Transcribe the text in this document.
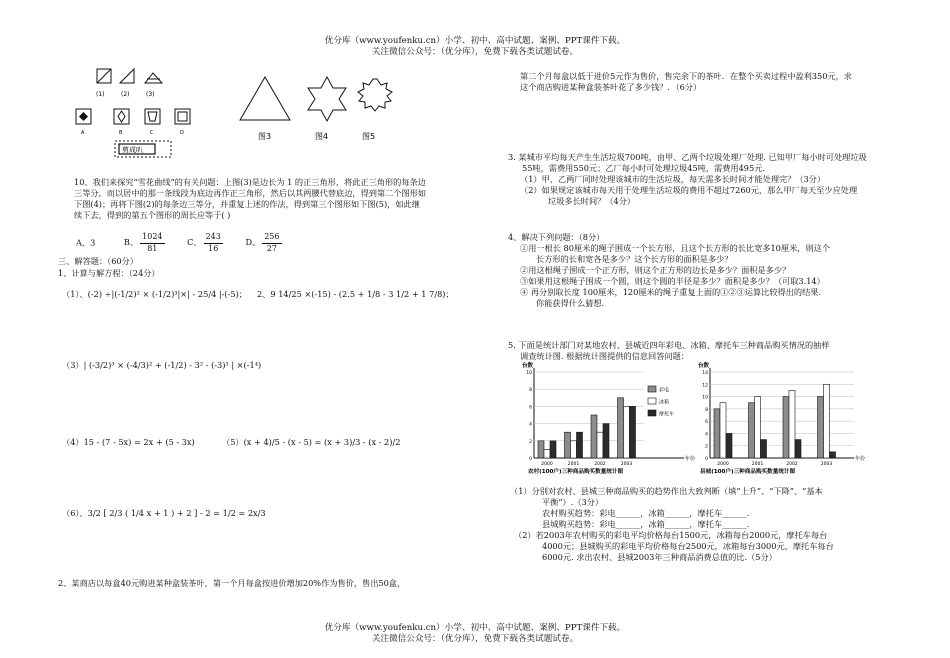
优分库（www.youfenku.cn）小学、初中、高中试题、案例、PPT课件下载。
关注微信公众号：（优分库），免费下载各类试题试卷。
(1)	(2)	(3)
A	B	C	D
剪成叭
图3	图4	图5
10、我们来探究“雪花曲线”的有关问题：上图(3)是边长为 1 的正三角形，将此正三角形的每条边
三等分，而以居中的那一条线段为底边再作正三角形，然后以其两腰代替底边，得到第二个图形如
下图(4)；再将下图(2)的每条边三等分，并重复上述的作法，得到第三个图形如下图(5)，如此继
续下去，得到的第五个图形的周长应等于( )
A、3	B、 $\frac{1024}{81}$	C、 $\frac{243}{16}$	D、 $\frac{256}{27}$
三、解答题：（60分）
1、计算与解方程：（24分）
（1）、(-2) ÷|(-1/2)² × (-1/2)³|×| - 25/4 |-(-5)； 2、9 14/25 ×(-15) - (2.5 + 1/8 - 3 1/2 + 1 7/8)；
（3）| (-3/2)³ × (-4/3)² + (-1/2) - 3² - (-3)³ | ×(-1⁴)
（4）15 - (7 - 5x) = 2x + (5 - 3x)	（5）(x + 4)/5 - (x - 5) = (x + 3)/3 - (x - 2)/2
（6）、3/2 [ 2/3 ( 1/4 x + 1 ) + 2 ] - 2 = 1/2 = 2x/3
2、某商店以每盒40元购进某种盒装茶叶，第一个月每盒按进价增加20%作为售价，售出50盒，
第二个月每盒以低于进价5元作为售价，售完余下的茶叶．在整个买卖过程中盈利350元，求
这个商店购进某种盒装茶叶花了多少钱？．（6分）
3. 某城市平均每天产生生活垃圾700吨，由甲、乙两个垃圾处理厂处理. 已知甲厂每小时可处理垃圾
55吨，需费用550元；乙厂每小时可处理垃圾45吨，需费用495元.
（1）甲、乙两厂同时处理该城市的生活垃圾，每天需多长时间才能处理完？（3分）
（2）如果规定该城市每天用于处理生活垃圾的费用不超过7260元，那么甲厂每天至少应处理
垃圾多长时间？（4分）
4、解决下列问题：（8分）
①用一根长 80厘米的绳子围成一个长方形，且这个长方形的长比宽多10厘米，则这个
长方形的长和宽各是多少？这个长方形的面积是多少？
②用这根绳子围成一个正方形，则这个正方形的边长是多少？面积是多少？
③如果用这根绳子围成一个圆，则这个圆的半径是多少？面积是多少？（可取3.14）
④ 再分别取长度 100厘米，120厘米的绳子重复上面的①②③运算比较得出的结果.
你能获得什么猜想.
5. 下面是统计部门对某地农村、县城近四年彩电、冰箱、摩托车三种商品购买情况的抽样
调查统计图. 根据统计图提供的信息回答问题：
0
2
4
6
8
10
台数
年份
2000	2001	2002	2003
农村(100户)三种商品购买数量统计图
彩电
冰箱
摩托车
0
2
4
6
8
10
12
14
台数
年份
2000	2001	2002	2003
县城(100户)三种商品购买数量统计图
（1）分别对农村、县城三种商品购买的趋势作出大致判断（填“上升”、“下降”、“基本
平衡”）.（3分）
农村购买趋势：彩电______，冰箱______，摩托车______.
县城购买趋势：彩电______，冰箱______，摩托车______.
（2）若2003年农村购买的彩电平均价格每台1500元，冰箱每台2000元，摩托车每台
4000元；县城购买的彩电平均价格每台2500元，冰箱每台3000元，摩托车每台
6000元. 求出农村、县城2003年三种商品消费总值的比.（5分）
优分库（www.youfenku.cn）小学、初中、高中试题、案例、PPT课件下载。
关注微信公众号：（优分库），免费下载各类试题试卷。
